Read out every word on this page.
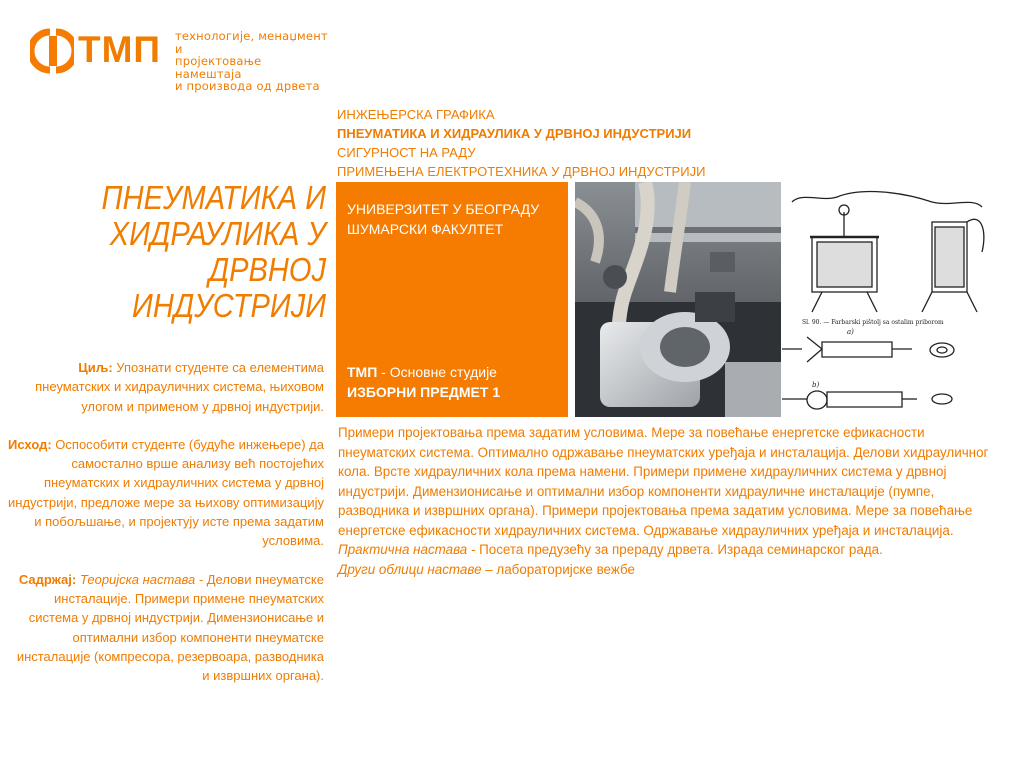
ТМП технологије, менаџмент и
пројектовање намештаја
и производа од дрвета
ИНЖЕЊЕРСКА ГРАФИКА
ПНЕУМАТИКА И ХИДРАУЛИКА У ДРВНОЈ ИНДУСТРИЈИ
СИГУРНОСТ НА РАДУ
ПРИМЕЊЕНА ЕЛЕКТРОТЕХНИКА У ДРВНОЈ ИНДУСТРИЈИ
ПНЕУМАТИКА И ХИДРАУЛИКА У ДРВНОЈ ИНДУСТРИЈИ

Циљ: Упознати студенте са елементима пнеуматских и хидрауличних система, њиховом улогом и применом у дрвној индустрији.

Исход: Оспособити студенте (будуће инжењере) да самостално врше анализу већ постојећих пнеуматских и хидрауличних система у дрвној индустрији, предложе мере за њихову оптимизацију и побољшање, и пројектују исте према задатим условима.

Садржај: Теоријска настава - Делови пнеуматске инсталације. Примери примене пнеуматских система у дрвној индустрији. Димензионисање и оптимални избор компоненти пнеуматске инсталације (компресора, резервоара, разводника и извршних органа).

УНИВЕРЗИТЕТ У БЕОГРАДУ
ШУМАРСКИ ФАКУЛТЕТ
ТМП - Основне студије
ИЗБОРНИ ПРЕДМЕТ 1
Sl. 90. — Farbarski pištolj sa ostalim priborom
a)
b)

Примери пројектовања према задатим условима. Мере за повећање енергетске ефикасности пнеуматских система. Оптимално одржавање пнеуматских уређаја и инсталација. Делови хидрауличног кола. Врсте хидрауличних кола према намени. Примери примене хидрауличних система у дрвној индустрији. Димензионисање и оптимални избор компоненти хидрауличне инсталације (пумпе, разводника и извршних органа). Примери пројектовања према задатим условима. Мере за повећање енергетске ефикасности хидрауличних система. Одржавање хидрауличних уређаја и инсталација.

Практична настава - Посета предузећу за прераду дрвета. Израда семинарског рада.

Други облици наставе – лабораторијске вежбе
